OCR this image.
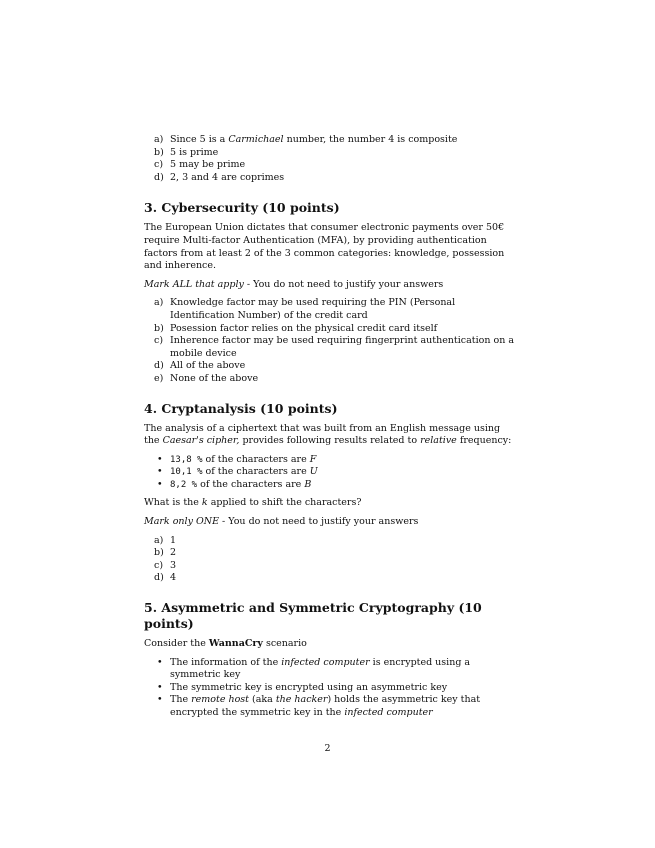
a) Since 5 is a Carmichael number, the number 4 is composite
b) 5 is prime
c) 5 may be prime
d) 2, 3 and 4 are coprimes
3. Cybersecurity (10 points)

The European Union dictates that consumer electronic payments over 50€ require Multi-factor Authentication (MFA), by providing authentication factors from at least 2 of the 3 common categories: knowledge, possession and inherence.

Mark ALL that apply - You do not need to justify your answers

a) Knowledge factor may be used requiring the PIN (Personal Identification Number) of the credit card
b) Posession factor relies on the physical credit card itself
c) Inherence factor may be used requiring fingerprint authentication on a mobile device
d) All of the above
e) None of the above
4. Cryptanalysis (10 points)

The analysis of a ciphertext that was built from an English message using the Caesar's cipher, provides following results related to relative frequency:

• 13,8 % of the characters are F
• 10,1 % of the characters are U
• 8,2 % of the characters are B

What is the k applied to shift the characters?

Mark only ONE - You do not need to justify your answers

a) 1
b) 2
c) 3
d) 4
5. Asymmetric and Symmetric Cryptography (10 points)

Consider the WannaCry scenario

• The information of the infected computer is encrypted using a symmetric key
• The symmetric key is encrypted using an asymmetric key
• The remote host (aka the hacker) holds the asymmetric key that encrypted the symmetric key in the infected computer
2
